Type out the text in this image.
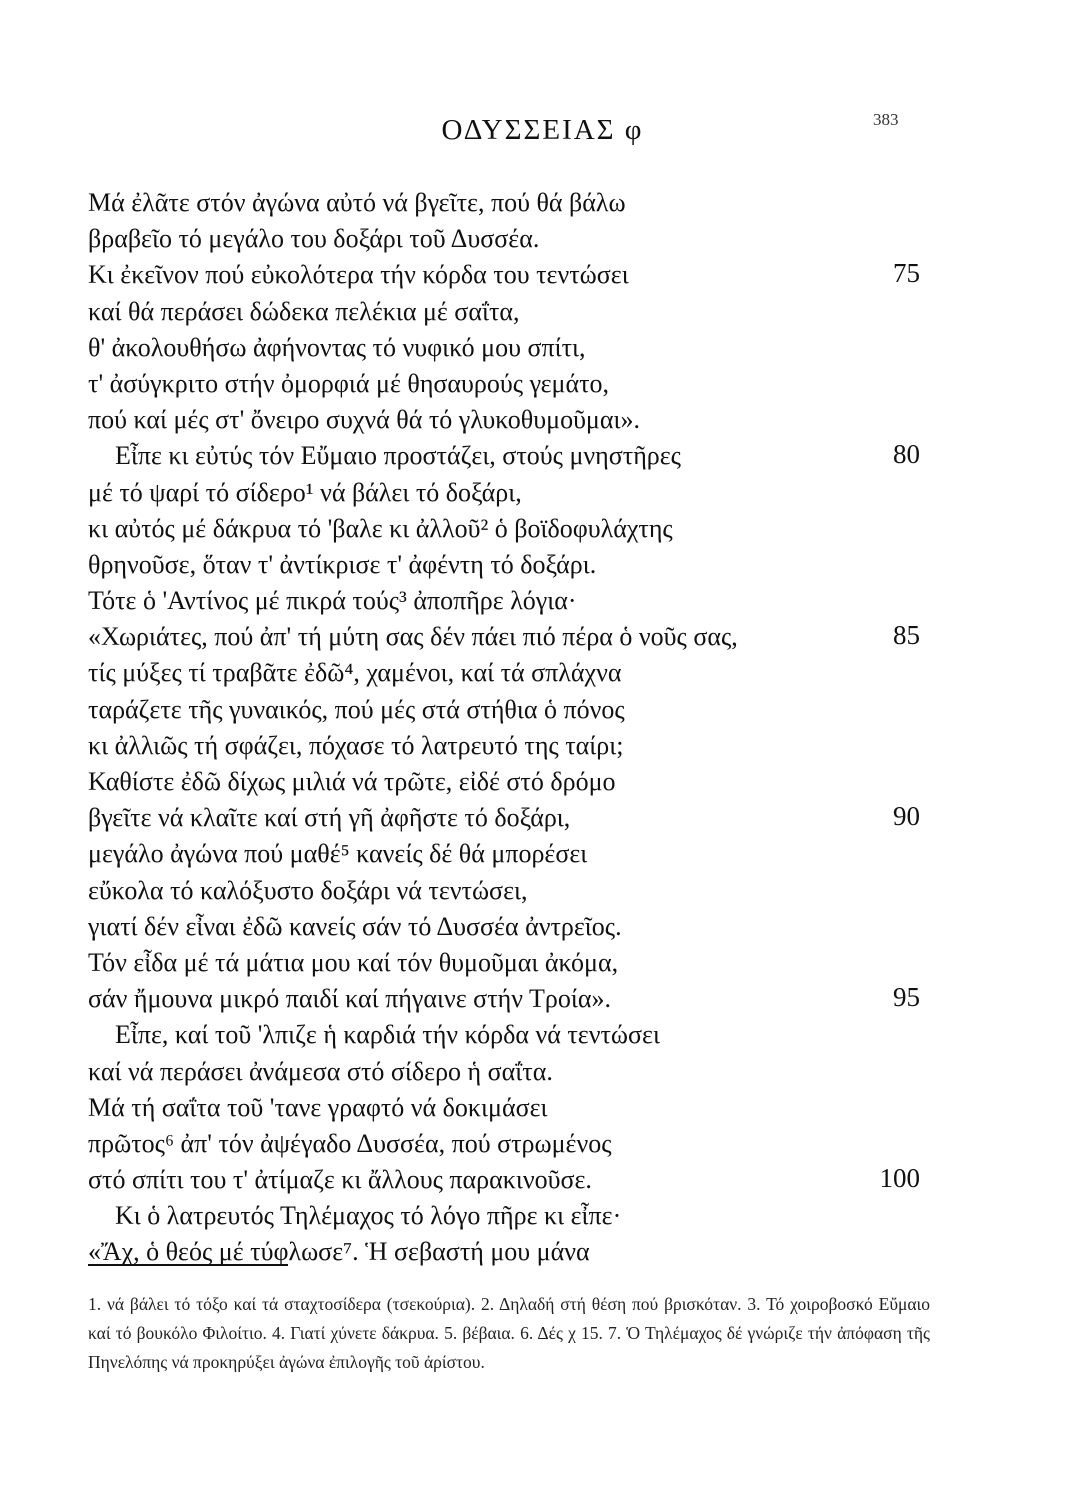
ΟΔΥΣΣΕΙΑΣ φ	383
Μά ἐλᾶτε στόν ἀγώνα αὐτό νά βγεῖτε, πού θά βάλω
βραβεῖο τό μεγάλο του δοξάρι τοῦ Δυσσέα.
Κι ἐκεῖνον πού εὐκολότερα τήν κόρδα του τεντώσει	75
καί θά περάσει δώδεκα πελέκια μέ σαΐτα,
θ' ἀκολουθήσω ἀφήνοντας τό νυφικό μου σπίτι,
τ' ἀσύγκριτο στήν ὀμορφιά μέ θησαυρούς γεμάτο,
πού καί μές στ' ὄνειρο συχνά θά τό γλυκοθυμοῦμαι».
Εἶπε κι εὐτύς τόν Εὔμαιο προστάζει, στούς μνηστῆρες	80
μέ τό ψαρί τό σίδερο¹ νά βάλει τό δοξάρι,
κι αὐτός μέ δάκρυα τό 'βαλε κι ἀλλοῦ² ὁ βοϊδοφυλάχτης
θρηνοῦσε, ὅταν τ' ἀντίκρισε τ' ἀφέντη τό δοξάρι.
Τότε ὁ 'Αντίνος μέ πικρά τούς³ ἀποπῆρε λόγια·
«Χωριάτες, πού ἀπ' τή μύτη σας δέν πάει πιό πέρα ὁ νοῦς σας,	85
τίς μύξες τί τραβᾶτε ἐδῶ⁴, χαμένοι, καί τά σπλάχνα
ταράζετε τῆς γυναικός, πού μές στά στήθια ὁ πόνος
κι ἀλλιῶς τή σφάζει, πόχασε τό λατρευτό της ταίρι;
Καθίστε ἐδῶ δίχως μιλιά νά τρῶτε, εἰδέ στό δρόμο
βγεῖτε νά κλαῖτε καί στή γῆ ἀφῆστε τό δοξάρι,	90
μεγάλο ἀγώνα πού μαθέ⁵ κανείς δέ θά μπορέσει
εὔκολα τό καλόξυστο δοξάρι νά τεντώσει,
γιατί δέν εἶναι ἐδῶ κανείς σάν τό Δυσσέα ἀντρεῖος.
Τόν εἶδα μέ τά μάτια μου καί τόν θυμοῦμαι ἀκόμα,
σάν ἤμουνα μικρό παιδί καί πήγαινε στήν Τροία».	95
Εἶπε, καί τοῦ 'λπιζε ἡ καρδιά τήν κόρδα νά τεντώσει
καί νά περάσει ἀνάμεσα στό σίδερο ἡ σαΐτα.
Μά τή σαΐτα τοῦ 'τανε γραφτό νά δοκιμάσει
πρῶτος⁶ ἀπ' τόν ἀψέγαδο Δυσσέα, πού στρωμένος
στό σπίτι του τ' ἀτίμαζε κι ἄλλους παρακινοῦσε.	100
Κι ὁ λατρευτός Τηλέμαχος τό λόγο πῆρε κι εἶπε·
«Ἄχ, ὁ θεός μέ τύφλωσε⁷. Ἡ σεβαστή μου μάνα

1. νά βάλει τό τόξο καί τά σταχτοσίδερα (τσεκούρια). 2. Δηλαδή στή θέση πού βρισκόταν. 3. Τό χοιροβοσκό Εὔμαιο καί τό βουκόλο Φιλοίτιο. 4. Γιατί χύνετε δάκρυα. 5. βέβαια. 6. Δές χ 15. 7. Ὁ Τηλέμαχος δέ γνώριζε τήν ἀπόφαση τῆς Πηνελόπης νά προκηρύξει ἀγώνα ἐπιλογῆς τοῦ ἀρίστου.
